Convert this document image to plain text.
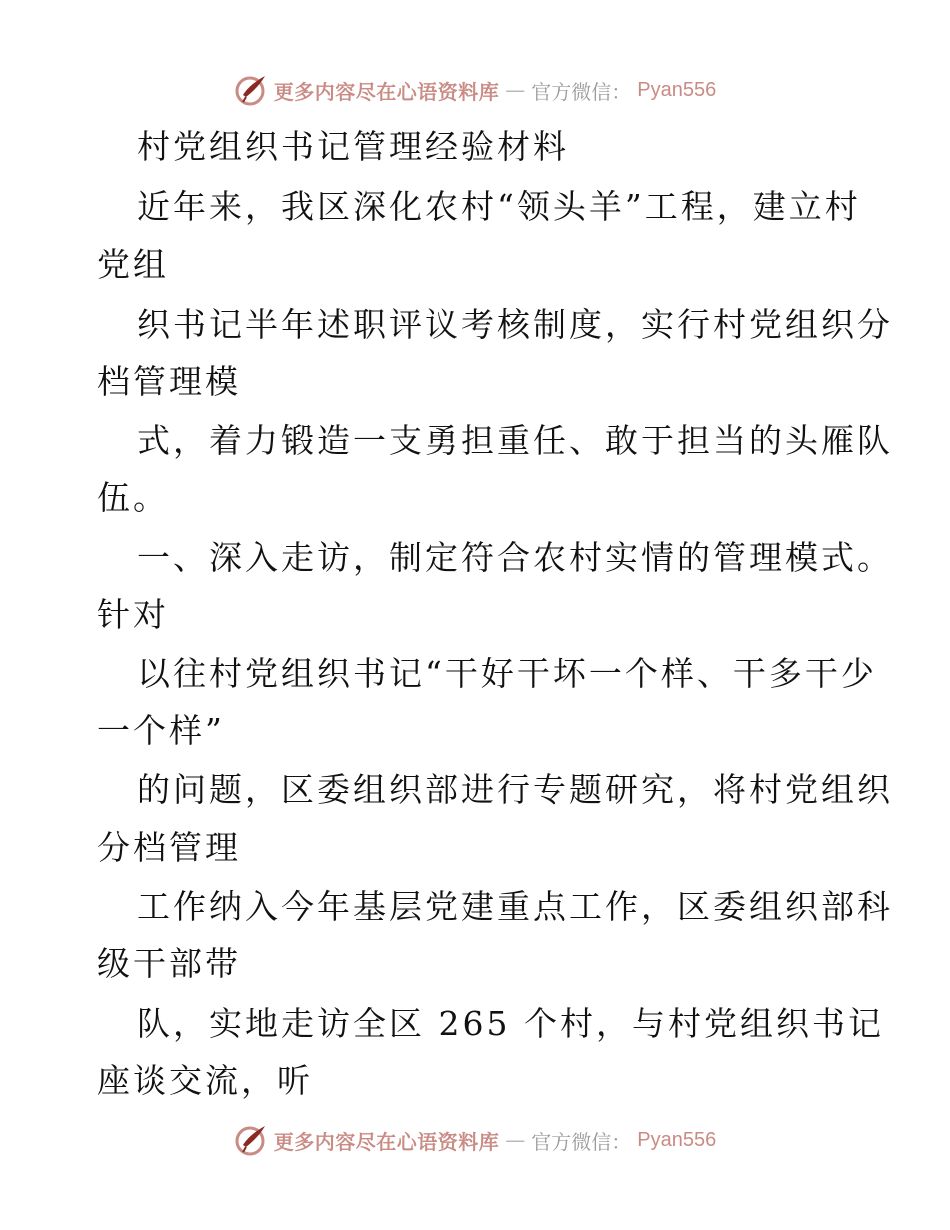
更多内容尽在心语资料库 — 官方微信： Pyan556
村党组织书记管理经验材料
近年来，我区深化农村“领头羊”工程，建立村
党组
织书记半年述职评议考核制度，实行村党组织分
档管理模
式，着力锻造一支勇担重任、敢于担当的头雁队
伍。
一、深入走访，制定符合农村实情的管理模式。
针对
以往村党组织书记“干好干坏一个样、干多干少
一个样”
的问题，区委组织部进行专题研究，将村党组织
分档管理
工作纳入今年基层党建重点工作，区委组织部科
级干部带
队，实地走访全区 265 个村，与村党组织书记
座谈交流，听
更多内容尽在心语资料库 — 官方微信： Pyan556
